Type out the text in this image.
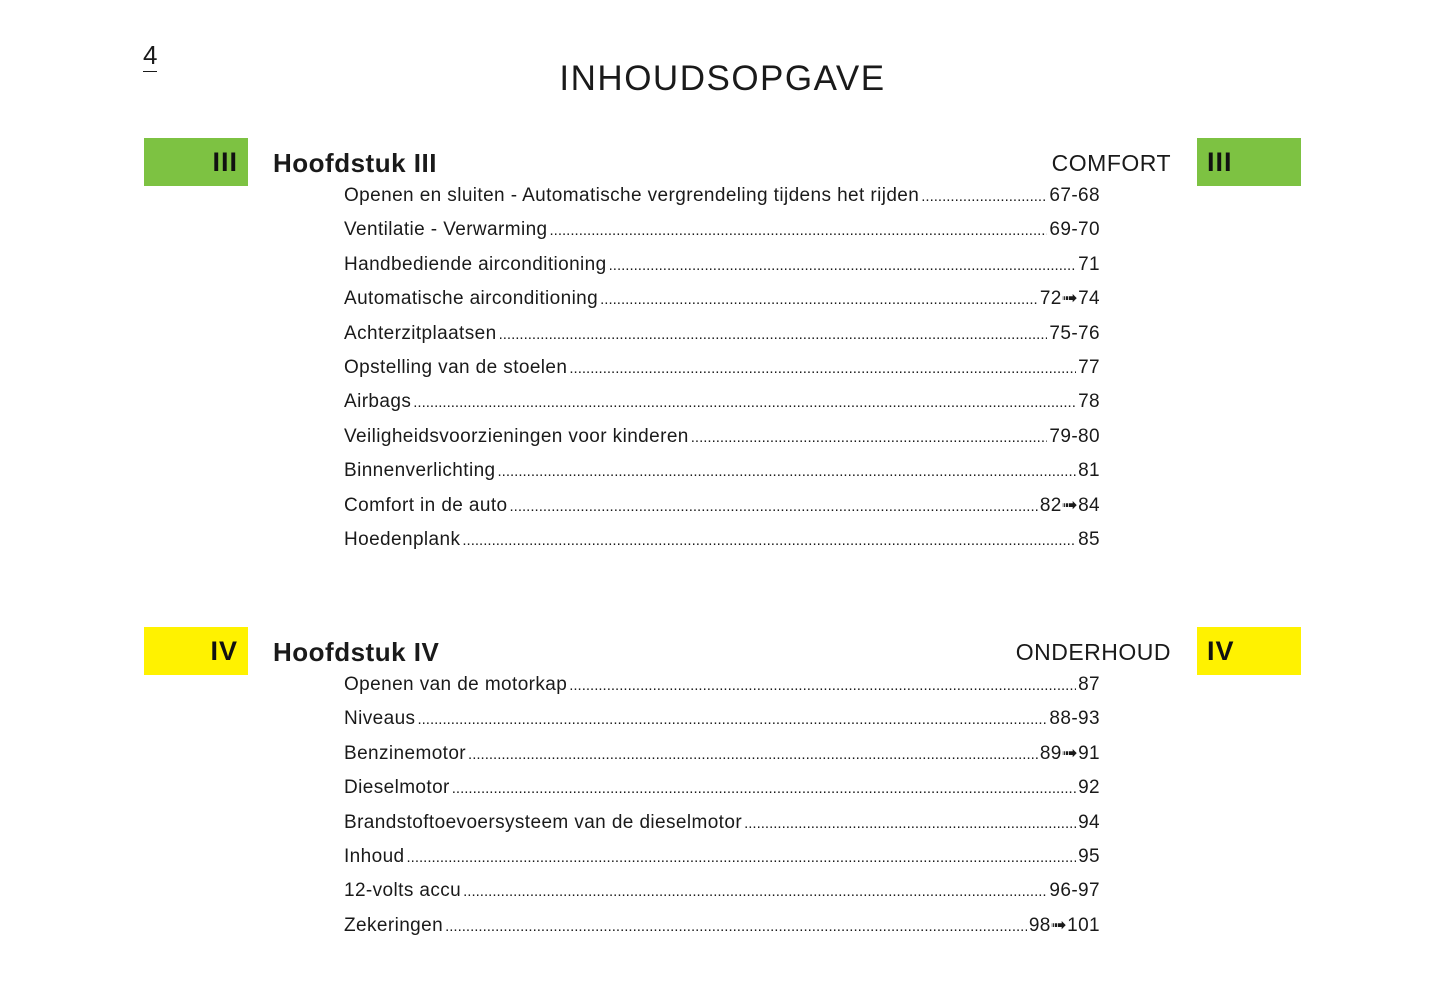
4
INHOUDSOPGAVE
III	Hoofdstuk III	COMFORT	III
Openen en sluiten - Automatische vergrendeling tijdens het rijden .....	67-68
Ventilatie - Verwarming .....	69-70
Handbediende airconditioning .....	71
Automatische airconditioning .....	72➟74
Achterzitplaatsen .....	75-76
Opstelling van de stoelen .....	77
Airbags .....	78
Veiligheidsvoorzieningen voor kinderen .....	79-80
Binnenverlichting .....	81
Comfort in de auto .....	82➟84
Hoedenplank .....	85
IV	Hoofdstuk IV	ONDERHOUD	IV
Openen van de motorkap .....	87
Niveaus .....	88-93
Benzinemotor .....	89➟91
Dieselmotor .....	92
Brandstoftoevoersysteem van de dieselmotor .....	94
Inhoud .....	95
12-volts accu .....	96-97
Zekeringen .....	98➟101
